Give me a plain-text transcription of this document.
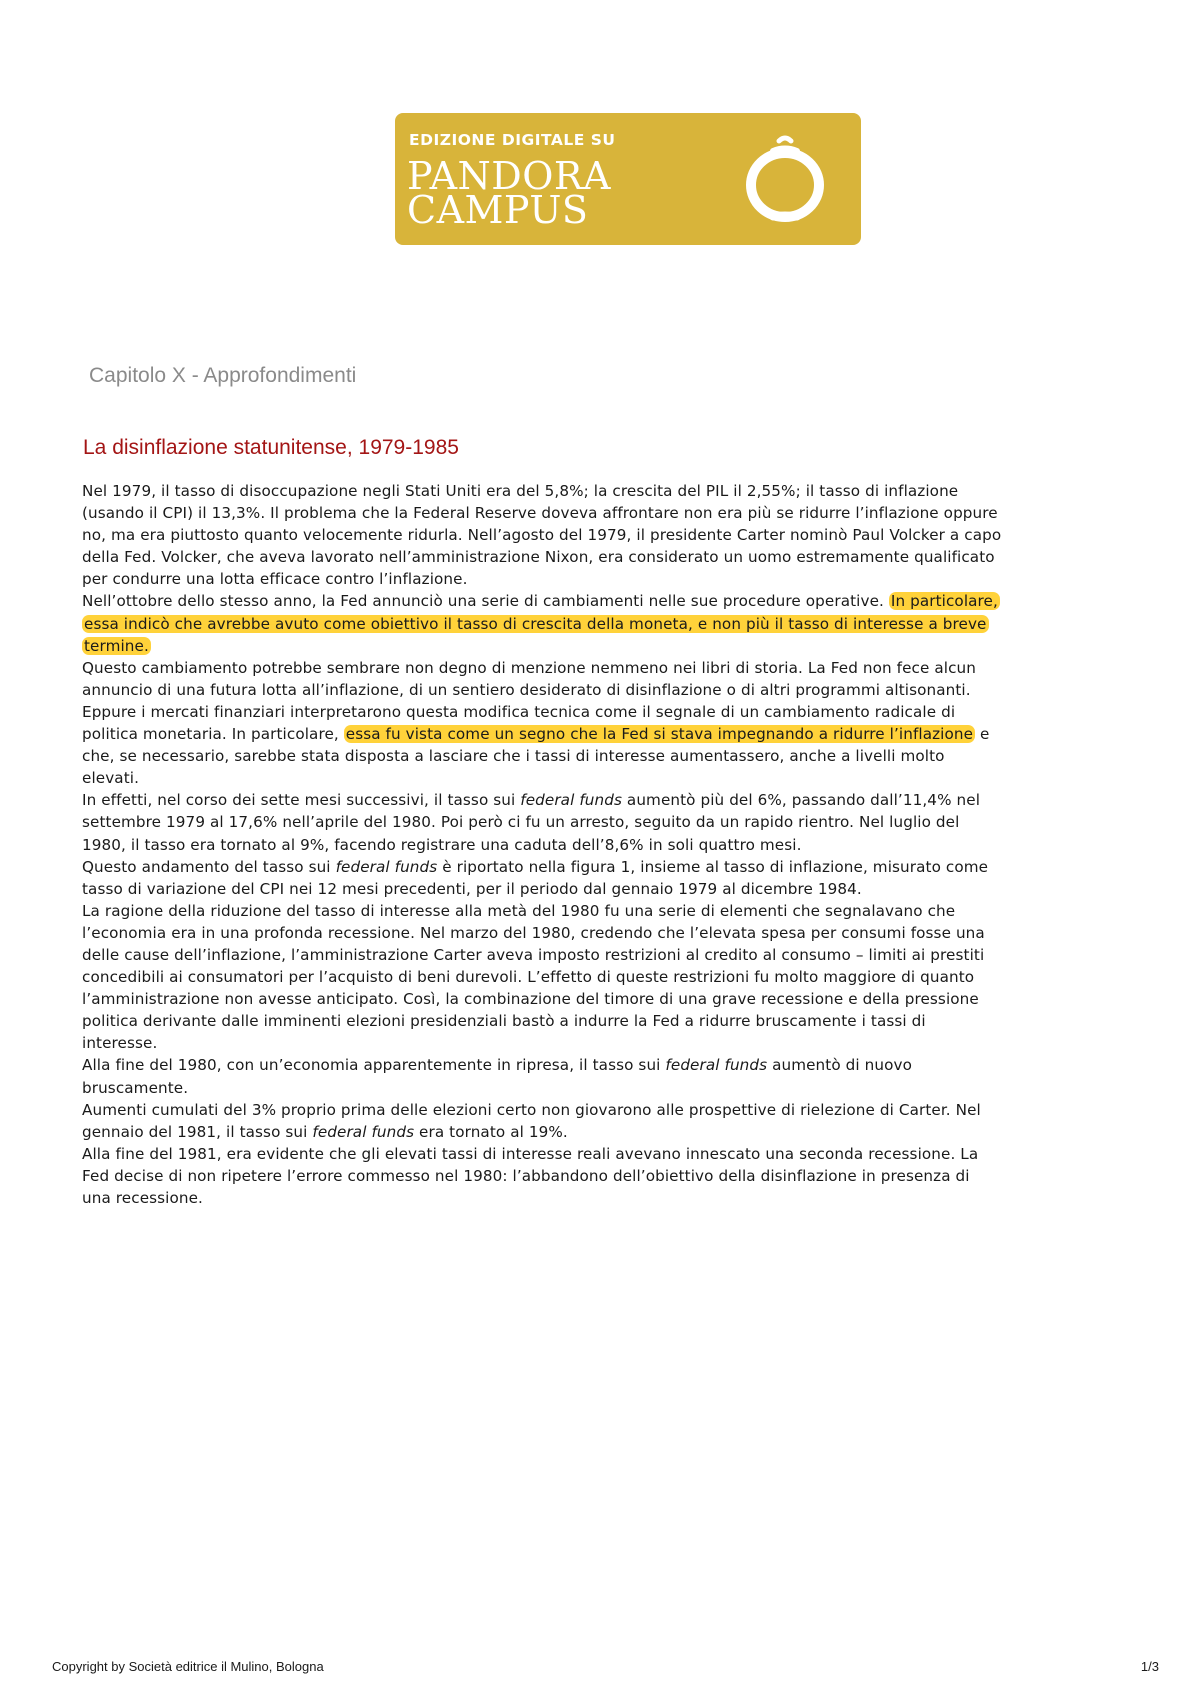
EDIZIONE DIGITALE SU
PANDORA
CAMPUS
Capitolo X - Approfondimenti
La disinflazione statunitense, 1979-1985

Nel 1979, il tasso di disoccupazione negli Stati Uniti era del 5,8%; la crescita del PIL il 2,55%; il tasso di inflazione (usando il CPI) il 13,3%. Il problema che la Federal Reserve doveva affrontare non era più se ridurre l’inflazione oppure no, ma era piuttosto quanto velocemente ridurla. Nell’agosto del 1979, il presidente Carter nominò Paul Volcker a capo della Fed. Volcker, che aveva lavorato nell’amministrazione Nixon, era considerato un uomo estremamente qualificato per condurre una lotta efficace contro l’inflazione.

Nell’ottobre dello stesso anno, la Fed annunciò una serie di cambiamenti nelle sue procedure operative. In particolare, essa indicò che avrebbe avuto come obiettivo il tasso di crescita della moneta, e non più il tasso di interesse a breve termine.

Questo cambiamento potrebbe sembrare non degno di menzione nemmeno nei libri di storia. La Fed non fece alcun annuncio di una futura lotta all’inflazione, di un sentiero desiderato di disinflazione o di altri programmi altisonanti. Eppure i mercati finanziari interpretarono questa modifica tecnica come il segnale di un cambiamento radicale di politica monetaria. In particolare, essa fu vista come un segno che la Fed si stava impegnando a ridurre l’inflazione e che, se necessario, sarebbe stata disposta a lasciare che i tassi di interesse aumentassero, anche a livelli molto elevati.

In effetti, nel corso dei sette mesi successivi, il tasso sui federal funds aumentò più del 6%, passando dall’11,4% nel settembre 1979 al 17,6% nell’aprile del 1980. Poi però ci fu un arresto, seguito da un rapido rientro. Nel luglio del 1980, il tasso era tornato al 9%, facendo registrare una caduta dell’8,6% in soli quattro mesi.

Questo andamento del tasso sui federal funds è riportato nella figura 1, insieme al tasso di inflazione, misurato come tasso di variazione del CPI nei 12 mesi precedenti, per il periodo dal gennaio 1979 al dicembre 1984.

La ragione della riduzione del tasso di interesse alla metà del 1980 fu una serie di elementi che segnalavano che l’economia era in una profonda recessione. Nel marzo del 1980, credendo che l’elevata spesa per consumi fosse una delle cause dell’inflazione, l’amministrazione Carter aveva imposto restrizioni al credito al consumo – limiti ai prestiti concedibili ai consumatori per l’acquisto di beni durevoli. L’effetto di queste restrizioni fu molto maggiore di quanto l’amministrazione non avesse anticipato. Così, la combinazione del timore di una grave recessione e della pressione politica derivante dalle imminenti elezioni presidenziali bastò a indurre la Fed a ridurre bruscamente i tassi di interesse.

Alla fine del 1980, con un’economia apparentemente in ripresa, il tasso sui federal funds aumentò di nuovo bruscamente.

Aumenti cumulati del 3% proprio prima delle elezioni certo non giovarono alle prospettive di rielezione di Carter. Nel gennaio del 1981, il tasso sui federal funds era tornato al 19%.

Alla fine del 1981, era evidente che gli elevati tassi di interesse reali avevano innescato una seconda recessione. La Fed decise di non ripetere l’errore commesso nel 1980: l’abbandono dell’obiettivo della disinflazione in presenza di una recessione.

Copyright by Società editrice il Mulino, Bologna	1/3
